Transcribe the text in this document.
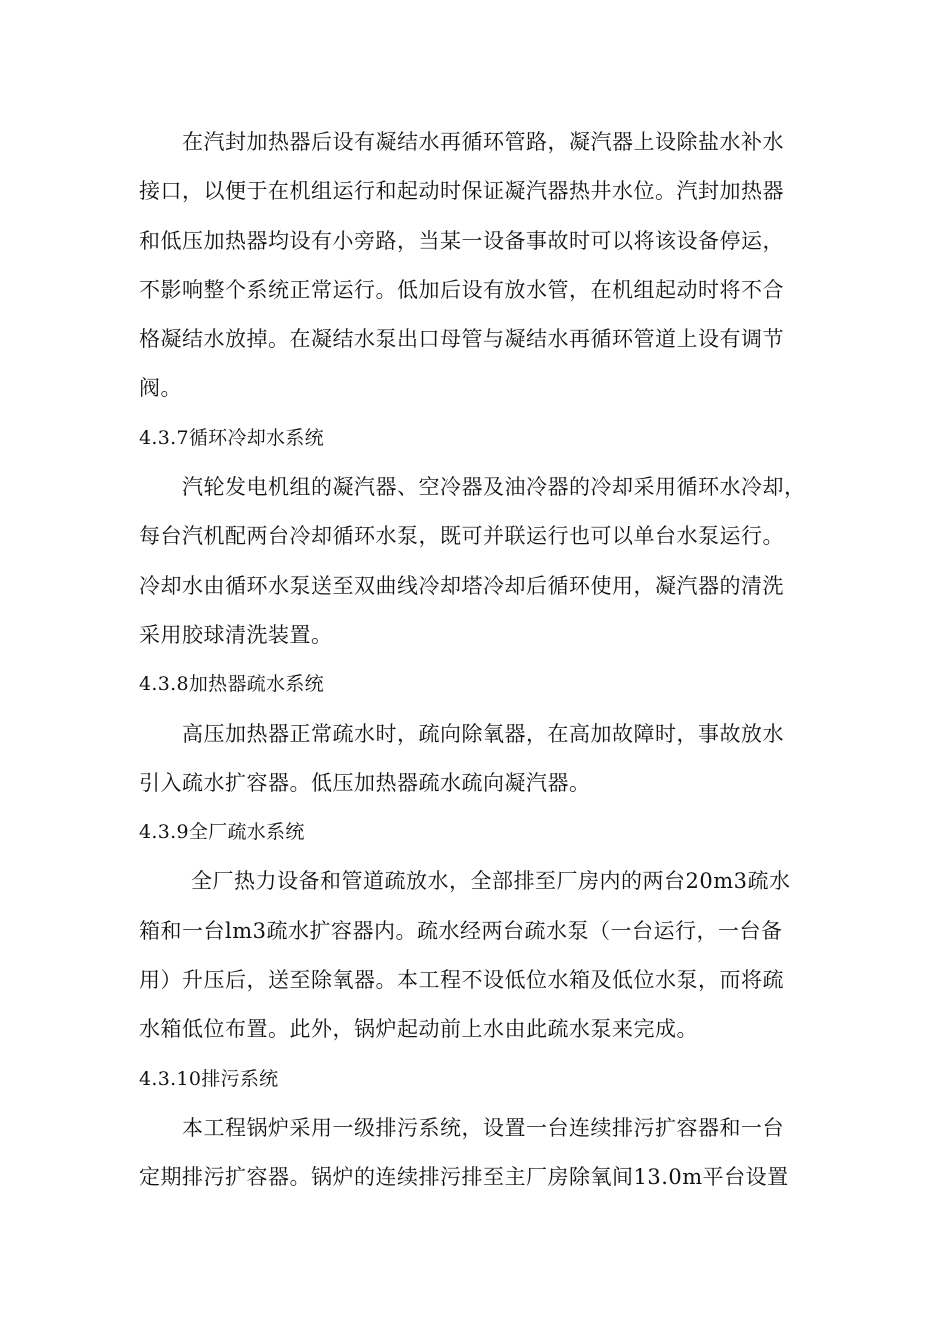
在汽封加热器后设有凝结水再循环管路，凝汽器上设除盐水补水
接口，以便于在机组运行和起动时保证凝汽器热井水位。汽封加热器
和低压加热器均设有小旁路，当某一设备事故时可以将该设备停运，
不影响整个系统正常运行。低加后设有放水管，在机组起动时将不合
格凝结水放掉。在凝结水泵出口母管与凝结水再循环管道上设有调节
阀。
4.3.7循环冷却水系统
汽轮发电机组的凝汽器、空冷器及油冷器的冷却采用循环水冷却，
每台汽机配两台冷却循环水泵，既可并联运行也可以单台水泵运行。
冷却水由循环水泵送至双曲线冷却塔冷却后循环使用，凝汽器的清洗
采用胶球清洗装置。
4.3.8加热器疏水系统
高压加热器正常疏水时，疏向除氧器，在高加故障时，事故放水
引入疏水扩容器。低压加热器疏水疏向凝汽器。
4.3.9全厂疏水系统
全厂热力设备和管道疏放水，全部排至厂房内的两台20m3疏水
箱和一台lm3疏水扩容器内。疏水经两台疏水泵（一台运行，一台备
用）升压后，送至除氧器。本工程不设低位水箱及低位水泵，而将疏
水箱低位布置。此外，锅炉起动前上水由此疏水泵来完成。
4.3.10排污系统
本工程锅炉采用一级排污系统，设置一台连续排污扩容器和一台
定期排污扩容器。锅炉的连续排污排至主厂房除氧间13.0m平台设置
